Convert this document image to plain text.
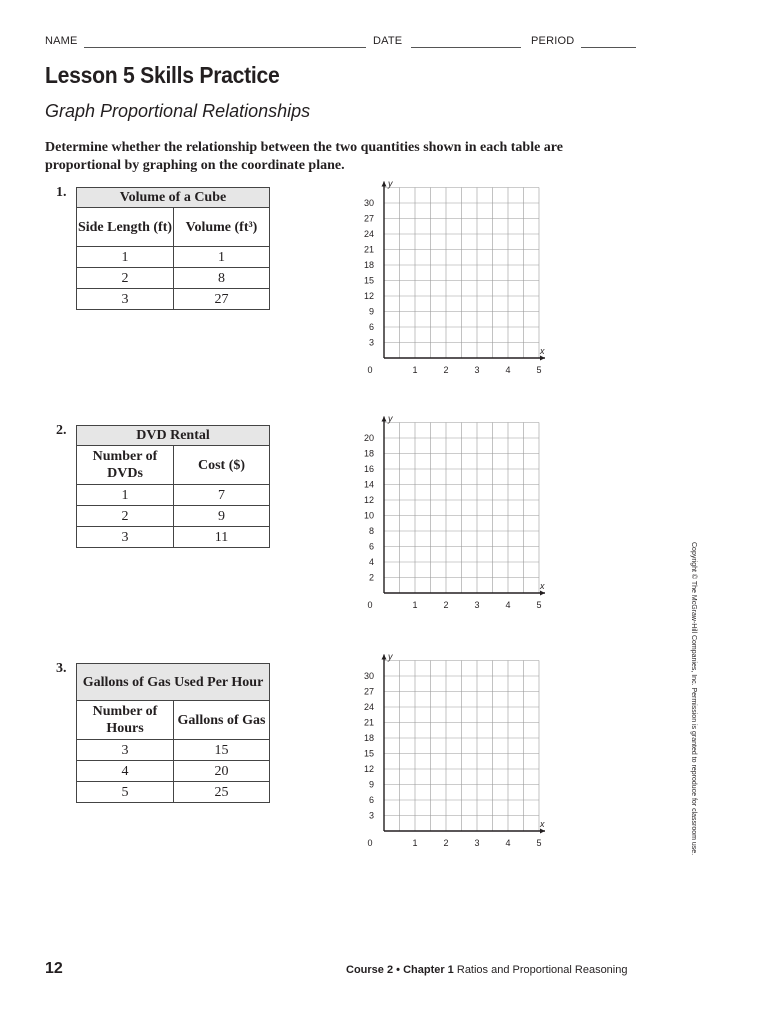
NAME	DATE	PERIOD
Lesson 5 Skills Practice
Graph Proportional Relationships
Determine whether the relationship between the two quantities shown in each table are proportional by graphing on the coordinate plane.
1.	Volume of a Cube	
Side Length (ft)	Volume (ft³)
1	1
2	8
3	27
x
y
0	1	2	3	4	5
3
6
9
12
15
18
21
24
27
30
2.	DVD Rental	
Number of DVDs	Cost ($)
1	7
2	9
3	11
x
y
0	1	2	3	4	5
2
4
6
8
10
12
14
16
18
20
3.
Gallons of Gas Used Per Hour	
Number of Hours	Gallons of Gas
3	15
4	20
5	25
x
y
0	1	2	3	4	5
3
6
9
12
15
18
21
24
27
30	Copyright © The McGraw-Hill Companies, Inc. Permission is granted to reproduce for classroom use.
12	Course 2 • Chapter 1 Ratios and Proportional Reasoning
